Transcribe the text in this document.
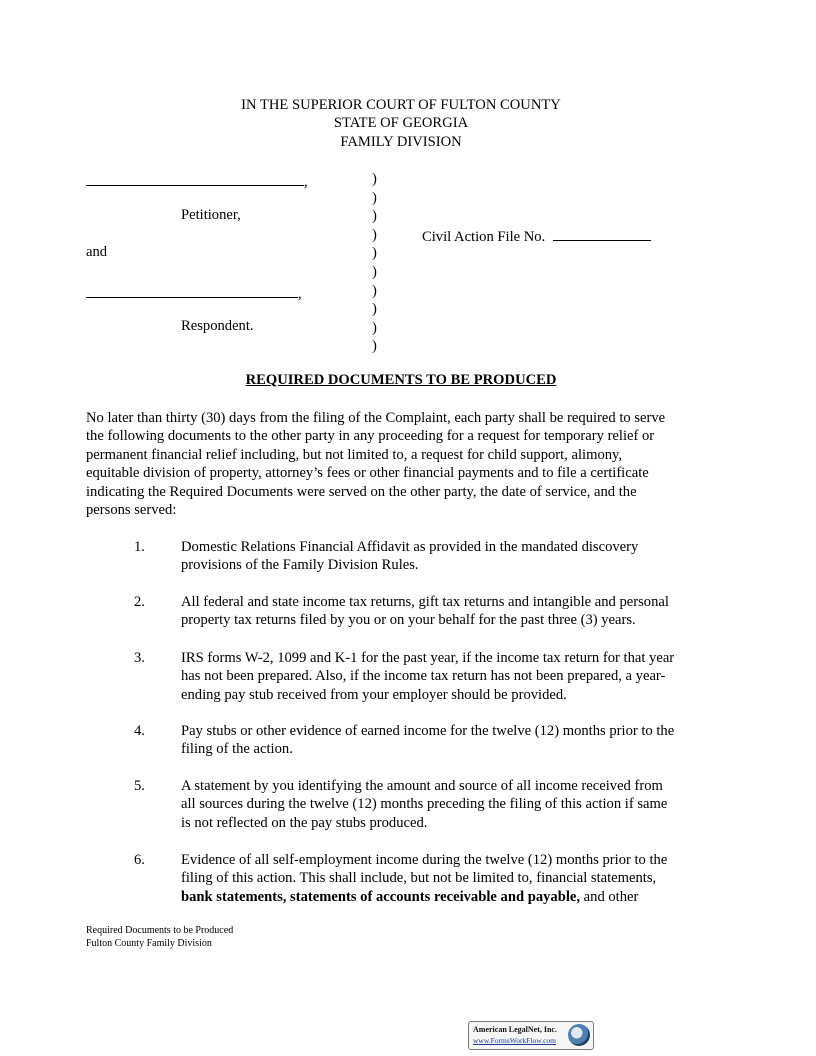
IN THE SUPERIOR COURT OF FULTON COUNTY
STATE OF GEORGIA
FAMILY DIVISION
,
Petitioner,
and
,
Respondent.
)
)
)
)
)
)
)
)
)
)
Civil Action File No.
REQUIRED DOCUMENTS TO BE PRODUCED
No later than thirty (30) days from the filing of the Complaint, each party shall be required to serve
the following documents to the other party in any proceeding for a request for temporary relief or
permanent financial relief including, but not limited to, a request for child support, alimony,
equitable division of property, attorney’s fees or other financial payments and to file a certificate
indicating the Required Documents were served on the other party, the date of service, and the
persons served:
1. Domestic Relations Financial Affidavit as provided in the mandated discovery
provisions of the Family Division Rules.
2. All federal and state income tax returns, gift tax returns and intangible and personal
property tax returns filed by you or on your behalf for the past three (3) years.
3. IRS forms W-2, 1099 and K-1 for the past year, if the income tax return for that year
has not been prepared. Also, if the income tax return has not been prepared, a year-
ending pay stub received from your employer should be provided.
4. Pay stubs or other evidence of earned income for the twelve (12) months prior to the
filing of the action.
5. A statement by you identifying the amount and source of all income received from
all sources during the twelve (12) months preceding the filing of this action if same
is not reflected on the pay stubs produced.
6. Evidence of all self-employment income during the twelve (12) months prior to the
filing of this action. This shall include, but not be limited to, financial statements,
bank statements, statements of accounts receivable and payable, and other
Required Documents to be Produced
Fulton County Family Division
American LegalNet, Inc.
www.FormsWorkFlow.com
